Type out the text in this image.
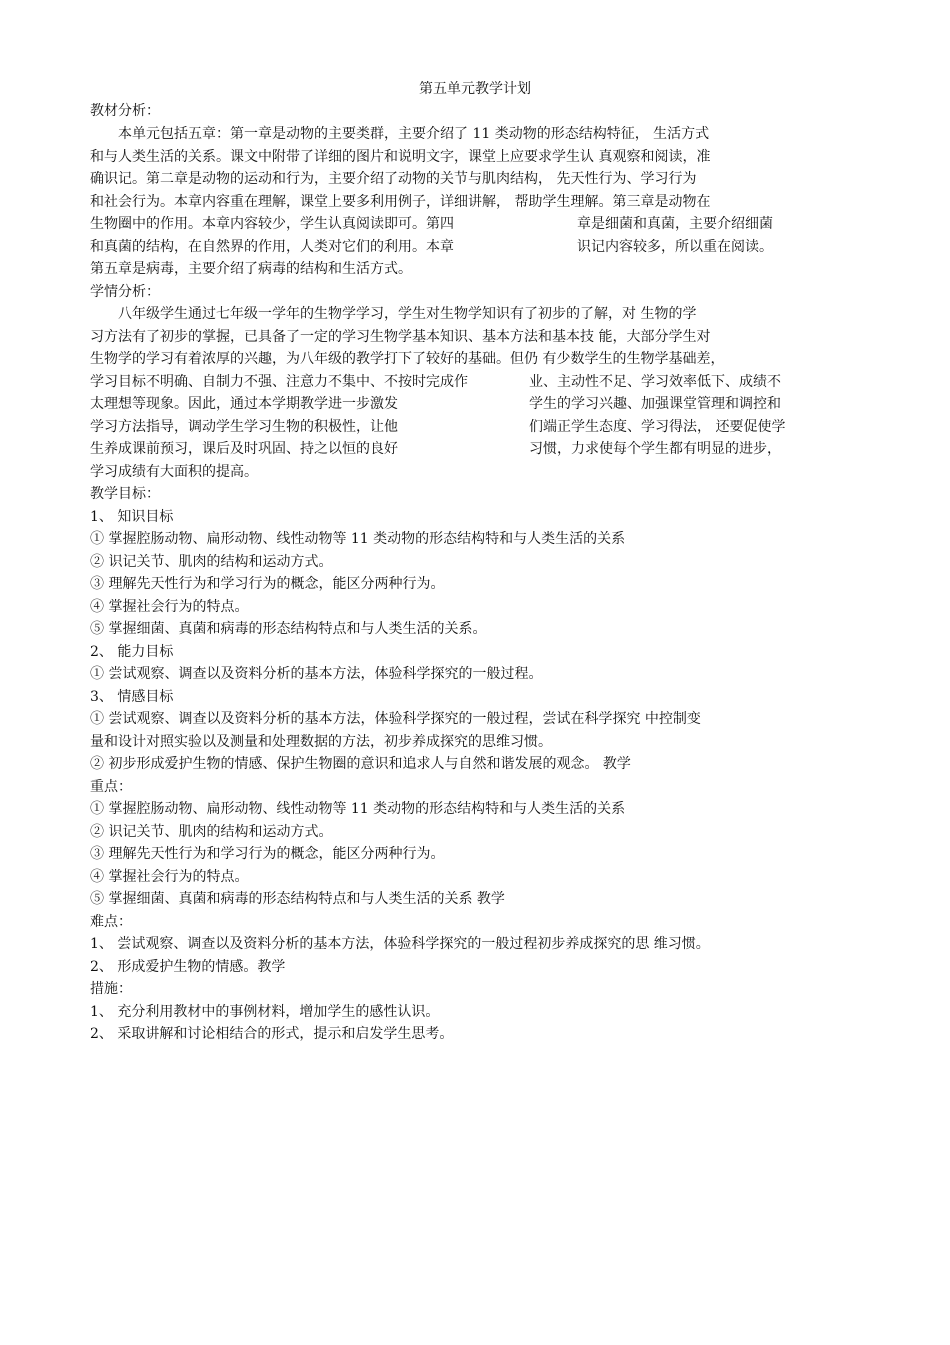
第五单元教学计划
教材分析：
本单元包括五章：第一章是动物的主要类群，主要介绍了 11 类动物的形态结构特征， 生活方式
和与人类生活的关系。课文中附带了详细的图片和说明文字，课堂上应要求学生认 真观察和阅读，准
确识记。第二章是动物的运动和行为，主要介绍了动物的关节与肌肉结构， 先天性行为、学习行为
和社会行为。本章内容重在理解，课堂上要多利用例子，详细讲解， 帮助学生理解。第三章是动物在
生物圈中的作用。本章内容较少，学生认真阅读即可。第四	章是细菌和真菌，主要介绍细菌
和真菌的结构，在自然界的作用，人类对它们的利用。本章	识记内容较多，所以重在阅读。
第五章是病毒，主要介绍了病毒的结构和生活方式。
学情分析：
八年级学生通过七年级一学年的生物学学习，学生对生物学知识有了初步的了解，对 生物的学
习方法有了初步的掌握，已具备了一定的学习生物学基本知识、基本方法和基本技 能，大部分学生对
生物学的学习有着浓厚的兴趣，为八年级的教学打下了较好的基础。但仍 有少数学生的生物学基础差，
学习目标不明确、自制力不强、注意力不集中、不按时完成作	业、主动性不足、学习效率低下、成绩不
太理想等现象。因此，通过本学期教学进一步激发	学生的学习兴趣、加强课堂管理和调控和
学习方法指导，调动学生学习生物的积极性，让他	们端正学生态度、学习得法， 还要促使学
生养成课前预习，课后及时巩固、持之以恒的良好	习惯，力求使每个学生都有明显的进步，
学习成绩有大面积的提高。
教学目标：
1、 知识目标
① 掌握腔肠动物、扁形动物、线性动物等 11 类动物的形态结构特和与人类生活的关系
② 识记关节、肌肉的结构和运动方式。
③ 理解先天性行为和学习行为的概念，能区分两种行为。
④ 掌握社会行为的特点。
⑤ 掌握细菌、真菌和病毒的形态结构特点和与人类生活的关系。
2、 能力目标
① 尝试观察、调查以及资料分析的基本方法，体验科学探究的一般过程。
3、 情感目标
① 尝试观察、调查以及资料分析的基本方法，体验科学探究的一般过程，尝试在科学探究 中控制变
量和设计对照实验以及测量和处理数据的方法，初步养成探究的思维习惯。
② 初步形成爱护生物的情感、保护生物圈的意识和追求人与自然和谐发展的观念。 教学
重点：
① 掌握腔肠动物、扁形动物、线性动物等 11 类动物的形态结构特和与人类生活的关系
② 识记关节、肌肉的结构和运动方式。
③ 理解先天性行为和学习行为的概念，能区分两种行为。
④ 掌握社会行为的特点。
⑤ 掌握细菌、真菌和病毒的形态结构特点和与人类生活的关系 教学
难点：
1、 尝试观察、调查以及资料分析的基本方法，体验科学探究的一般过程初步养成探究的思 维习惯。
2、 形成爱护生物的情感。教学
措施：
1、 充分利用教材中的事例材料，增加学生的感性认识。
2、 采取讲解和讨论相结合的形式，提示和启发学生思考。
